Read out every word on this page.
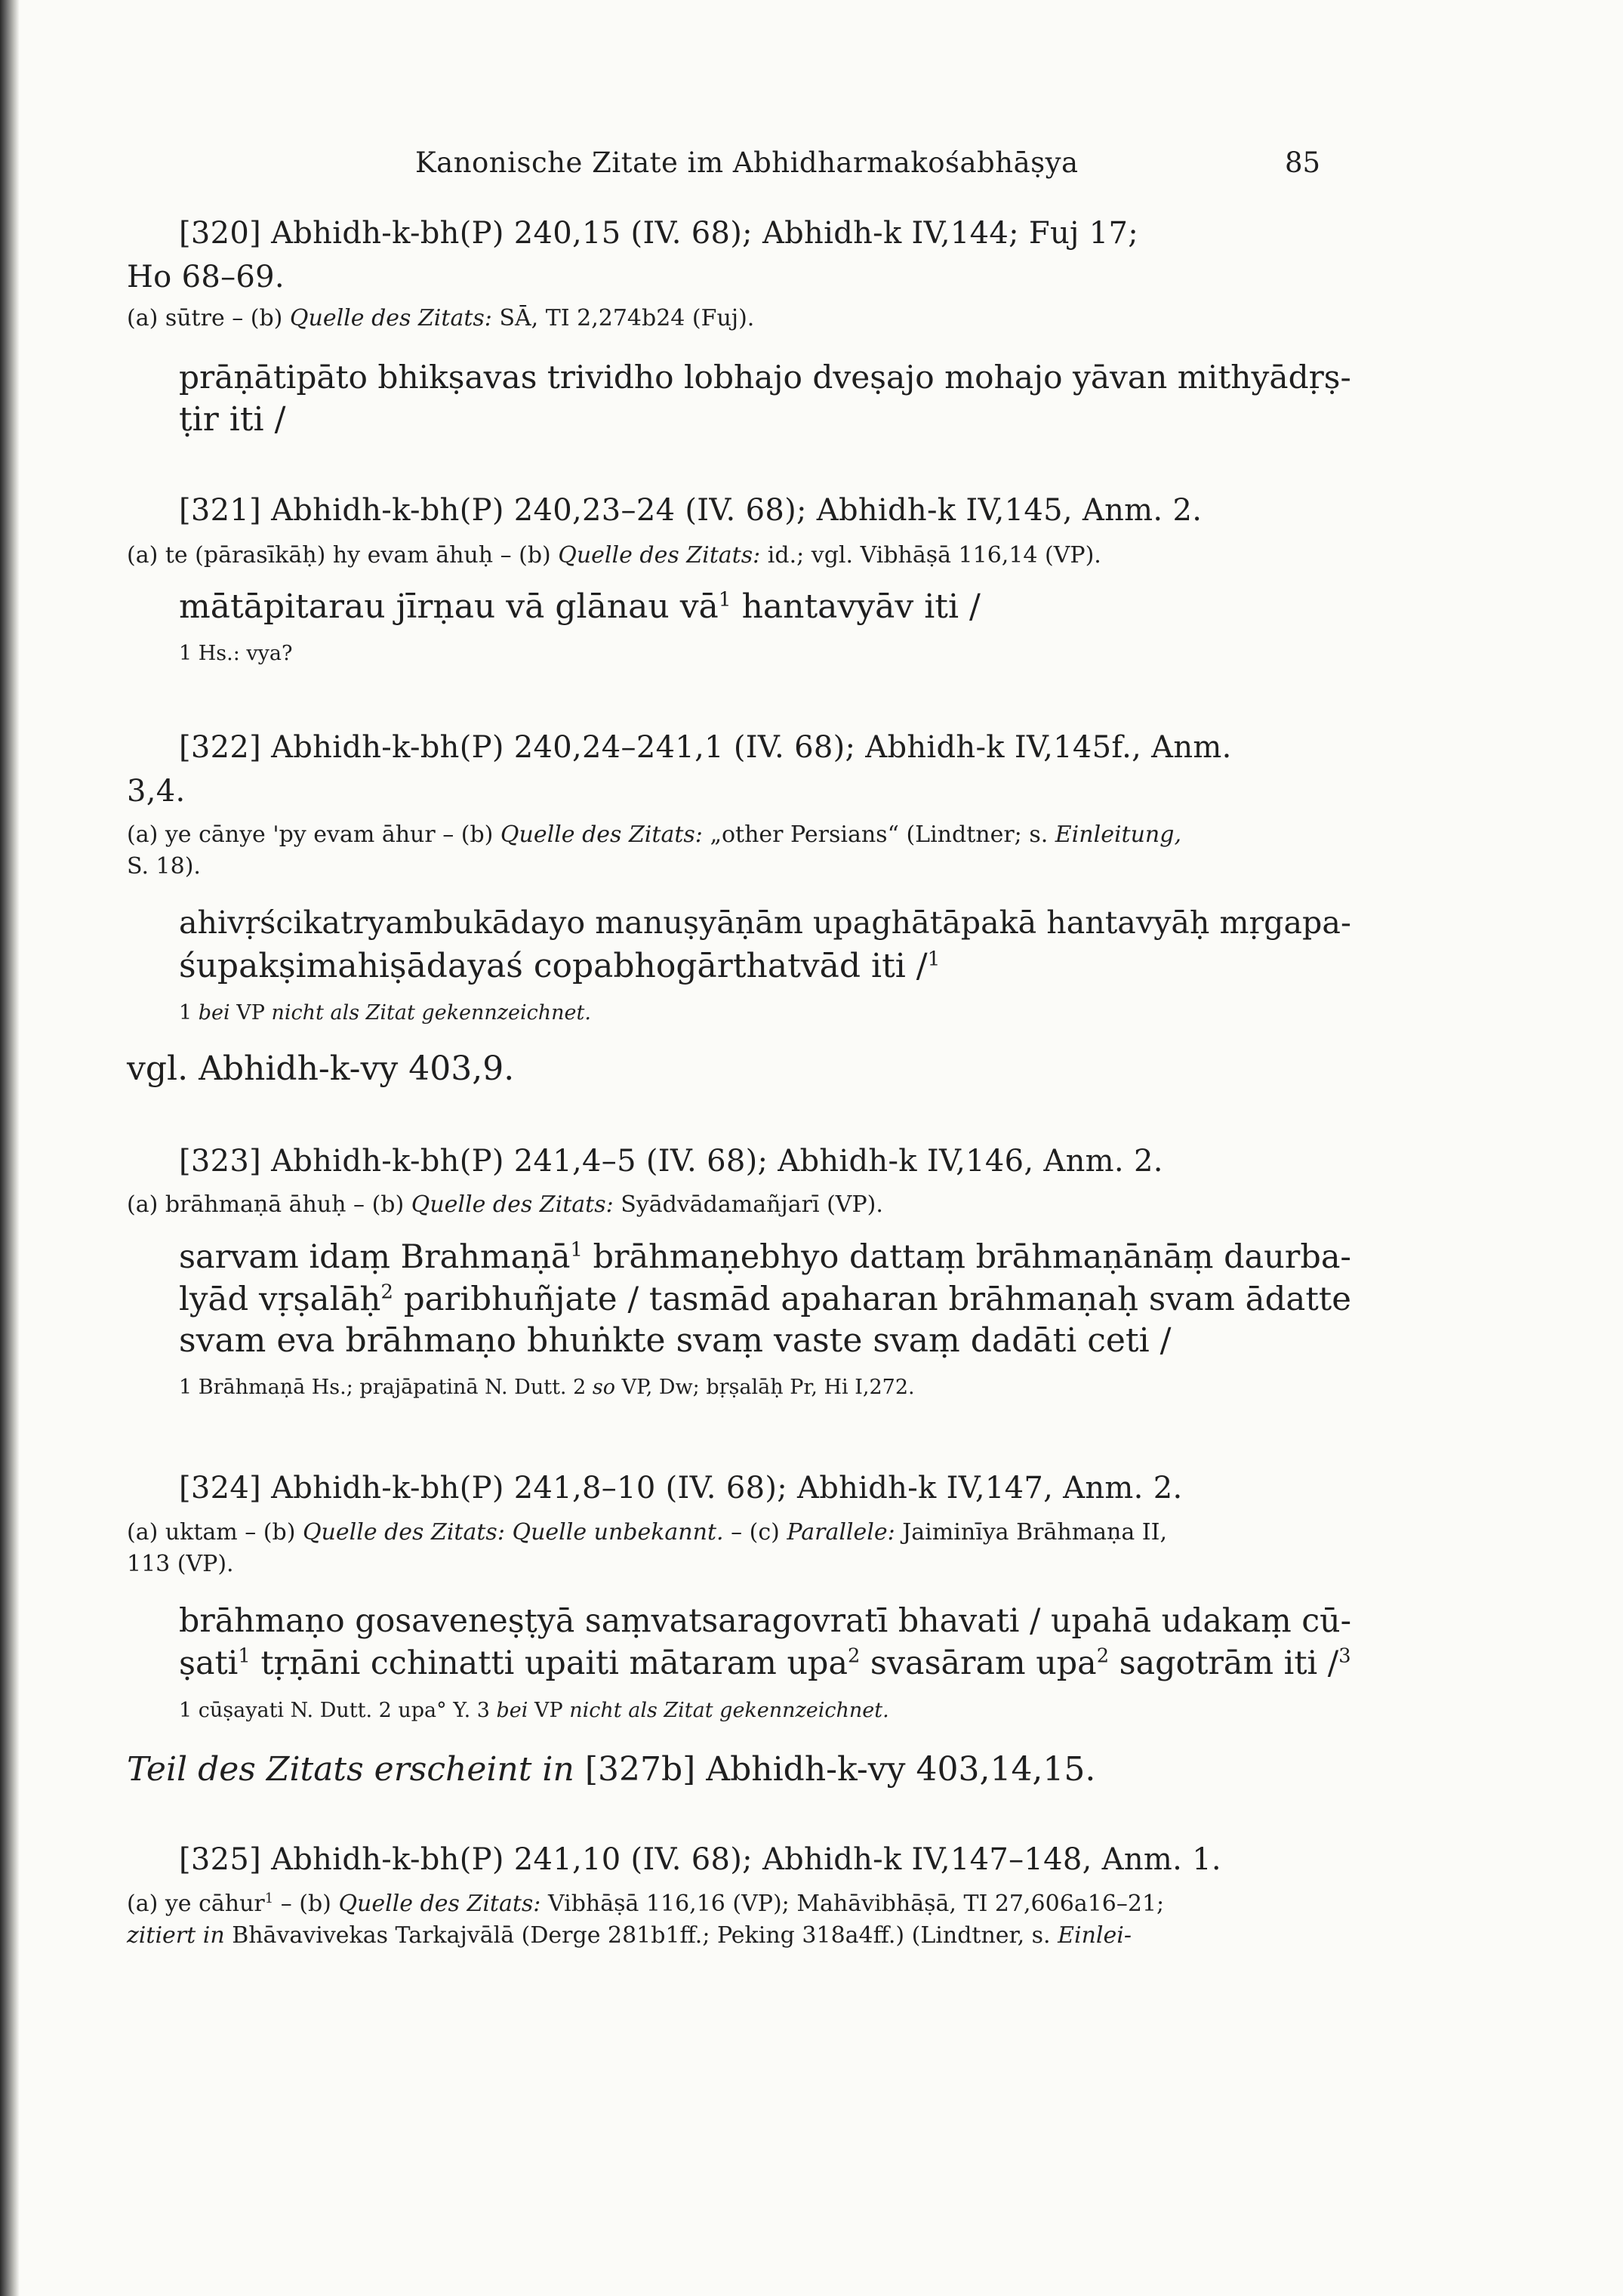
Kanonische Zitate im Abhidharmakośabhāṣya	85
[320] Abhidh-k-bh(P) 240,15 (IV. 68); Abhidh-k IV,144; Fuj 17;
Ho 68–69.
(a) sūtre – (b) Quelle des Zitats: SĀ, TI 2,274b24 (Fuj).
prāṇātipāto bhikṣavas trividho lobhajo dveṣajo mohajo yāvan mithyādṛṣ-
ṭir iti /
[321] Abhidh-k-bh(P) 240,23–24 (IV. 68); Abhidh-k IV,145, Anm. 2.
(a) te (pārasīkāḥ) hy evam āhuḥ – (b) Quelle des Zitats: id.; vgl. Vibhāṣā 116,14 (VP).
mātāpitarau jīrṇau vā glānau $vā^1$ hantavyāv iti /
1 Hs.: vya?
[322] Abhidh-k-bh(P) 240,24–241,1 (IV. 68); Abhidh-k IV,145f., Anm.
3,4.
(a) ye cānye 'py evam āhur – (b) Quelle des Zitats: „other Persians“ (Lindtner; s. Einleitung,
S. 18).
ahivṛścikatryambukādayo manuṣyāṇām upaghātāpakā hantavyāḥ mṛgapa-
śupakṣimahiṣādayaś copabhogārthatvād iti /$^1$
1 bei VP nicht als Zitat gekennzeichnet.
vgl. Abhidh-k-vy 403,9.
[323] Abhidh-k-bh(P) 241,4–5 (IV. 68); Abhidh-k IV,146, Anm. 2.
(a) brāhmaṇā āhuḥ – (b) Quelle des Zitats: Syādvādamañjarī (VP).
sarvam idaṃ Brahmaṇā$^1$ brāhmaṇebhyo dattaṃ brāhmaṇānāṃ daurba-
lyād vṛṣalāḥ$^2$ paribhuñjate / tasmād apaharan brāhmaṇaḥ svam ādatte
svam eva brāhmaṇo bhuṅkte svaṃ vaste svaṃ dadāti ceti /
1 Brāhmaṇā Hs.; prajāpatinā N. Dutt. 2 so VP, Dw; bṛṣalāḥ Pr, Hi I,272.
[324] Abhidh-k-bh(P) 241,8–10 (IV. 68); Abhidh-k IV,147, Anm. 2.
(a) uktam – (b) Quelle des Zitats: Quelle unbekannt. – (c) Parallele: Jaiminīya Brāhmaṇa II,
113 (VP).
brāhmaṇo gosaveneṣṭyā saṃvatsaragovratī bhavati / upahā udakaṃ cū-
ṣati$^1$ tṛṇāni cchinatti upaiti mātaram upa$^2$ svasāram upa$^2$ sagotrām iti /$^3$
1 cūṣayati N. Dutt. 2 upa° Y. 3 bei VP nicht als Zitat gekennzeichnet.
Teil des Zitats erscheint in [327b] Abhidh-k-vy 403,14,15.
[325] Abhidh-k-bh(P) 241,10 (IV. 68); Abhidh-k IV,147–148, Anm. 1.
(a) ye cāhur$^1$ – (b) Quelle des Zitats: Vibhāṣā 116,16 (VP); Mahāvibhāṣā, TI 27,606a16–21;
zitiert in Bhāvavivekas Tarkajvālā (Derge 281b1ff.; Peking 318a4ff.) (Lindtner, s. Einlei-
